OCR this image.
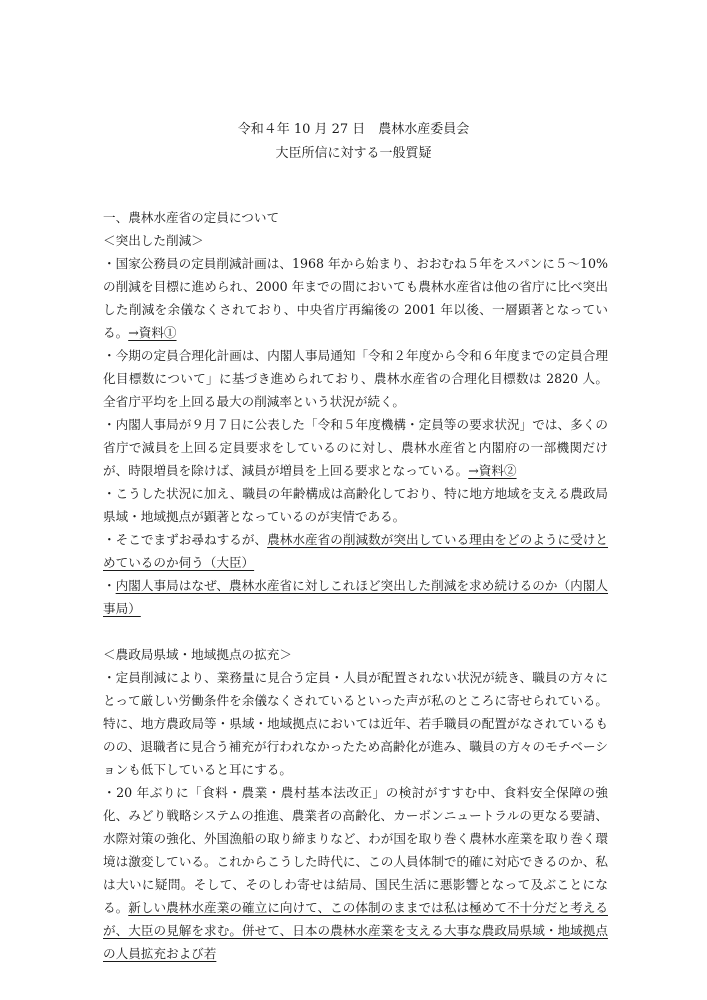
令和４年 10 月 27 日　農林水産委員会
大臣所信に対する一般質疑

一、農林水産省の定員について

＜突出した削減＞

・国家公務員の定員削減計画は、1968 年から始まり、おおむね５年をスパンに５～10%の削減を目標に進められ、2000 年までの間においても農林水産省は他の省庁に比べ突出した削減を余儀なくされており、中央省庁再編後の 2001 年以後、一層顕著となっている。→資料①

・今期の定員合理化計画は、内閣人事局通知「令和２年度から令和６年度までの定員合理化目標数について」に基づき進められており、農林水産省の合理化目標数は 2820 人。全省庁平均を上回る最大の削減率という状況が続く。

・内閣人事局が９月７日に公表した「令和５年度機構・定員等の要求状況」では、多くの省庁で減員を上回る定員要求をしているのに対し、農林水産省と内閣府の一部機関だけが、時限増員を除けば、減員が増員を上回る要求となっている。→資料②

・こうした状況に加え、職員の年齢構成は高齢化しており、特に地方地域を支える農政局県域・地域拠点が顕著となっているのが実情である。

・そこでまずお尋ねするが、農林水産省の削減数が突出している理由をどのように受けとめているのか伺う（大臣）

・内閣人事局はなぜ、農林水産省に対しこれほど突出した削減を求め続けるのか（内閣人事局）

＜農政局県域・地域拠点の拡充＞

・定員削減により、業務量に見合う定員・人員が配置されない状況が続き、職員の方々にとって厳しい労働条件を余儀なくされているといった声が私のところに寄せられている。特に、地方農政局等・県域・地域拠点においては近年、若手職員の配置がなされているものの、退職者に見合う補充が行われなかったため高齢化が進み、職員の方々のモチベーションも低下していると耳にする。

・20 年ぶりに「食料・農業・農村基本法改正」の検討がすすむ中、食料安全保障の強化、みどり戦略システムの推進、農業者の高齢化、カーボンニュートラルの更なる要請、水際対策の強化、外国漁船の取り締まりなど、わが国を取り巻く農林水産業を取り巻く環境は激変している。これからこうした時代に、この人員体制で的確に対応できるのか、私は大いに疑問。そして、そのしわ寄せは結局、国民生活に悪影響となって及ぶことになる。新しい農林水産業の確立に向けて、この体制のままでは私は極めて不十分だと考えるが、大臣の見解を求む。併せて、日本の農林水産業を支える大事な農政局県域・地域拠点の人員拡充および若
